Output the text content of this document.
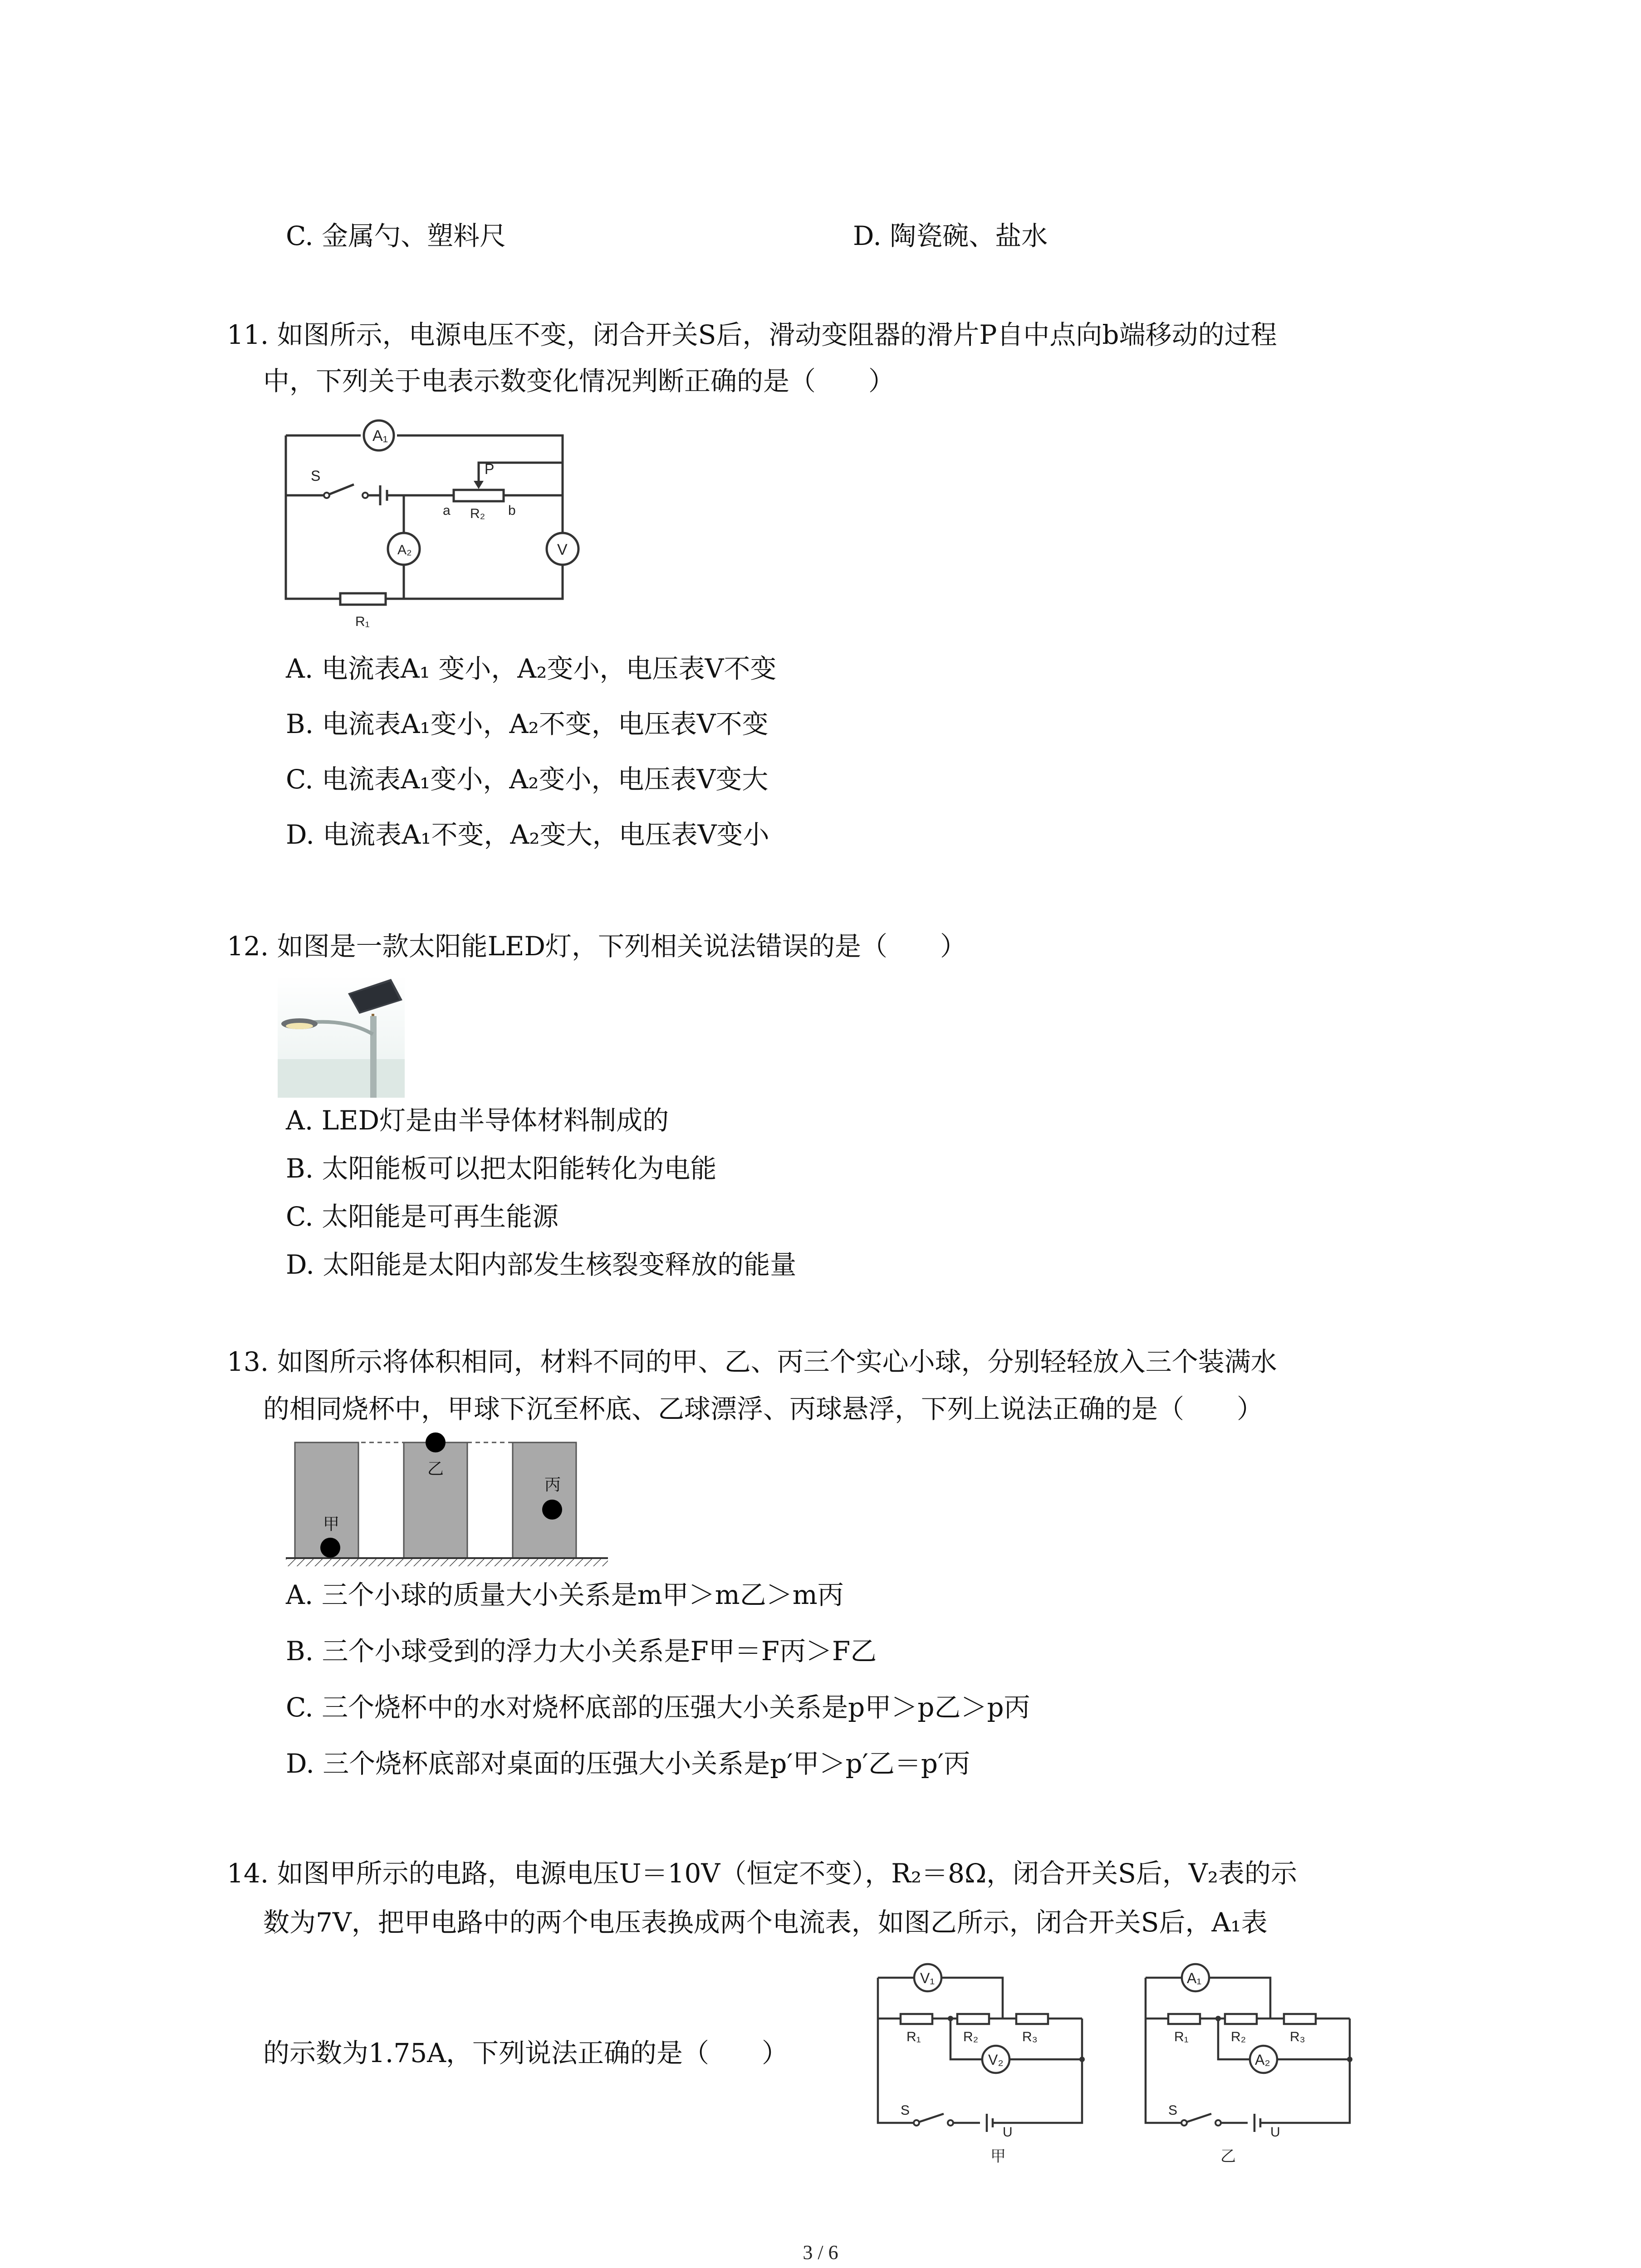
C. 金属勺、塑料尺	D. 陶瓷碗、盐水
11. 如图所示，电源电压不变，闭合开关S后，滑动变阻器的滑片P自中点向b端移动的过程
中，下列关于电表示数变化情况判断正确的是（　　）
A₁
A₂	V
S	P
a	b
R₂
R₁
A. 电流表A₁ 变小，A₂变小，电压表V不变
B. 电流表A₁变小，A₂不变，电压表V不变
C. 电流表A₁变小，A₂变小，电压表V变大
D. 电流表A₁不变，A₂变大，电压表V变小
12. 如图是一款太阳能LED灯，下列相关说法错误的是（　　）
A. LED灯是由半导体材料制成的
B. 太阳能板可以把太阳能转化为电能
C. 太阳能是可再生能源
D. 太阳能是太阳内部发生核裂变释放的能量
13. 如图所示将体积相同，材料不同的甲、乙、丙三个实心小球，分别轻轻放入三个装满水
的相同烧杯中，甲球下沉至杯底、乙球漂浮、丙球悬浮，下列上说法正确的是（　　）
甲
乙
丙
A. 三个小球的质量大小关系是m甲＞m乙＞m丙
B. 三个小球受到的浮力大小关系是F甲＝F丙＞F乙
C. 三个烧杯中的水对烧杯底部的压强大小关系是p甲＞p乙＞p丙
D. 三个烧杯底部对桌面的压强大小关系是p′甲＞p′乙＝p′丙
14. 如图甲所示的电路，电源电压U＝10V（恒定不变），R₂＝8Ω，闭合开关S后，V₂表的示
数为7V，把甲电路中的两个电压表换成两个电流表，如图乙所示，闭合开关S后，A₁表
的示数为1.75A，下列说法正确的是（　　）
V₁
V₂
R₁	R₂	R₃
S
U
甲
A₁
A₂
R₁	R₂	R₃
S
U
乙
3 / 6
